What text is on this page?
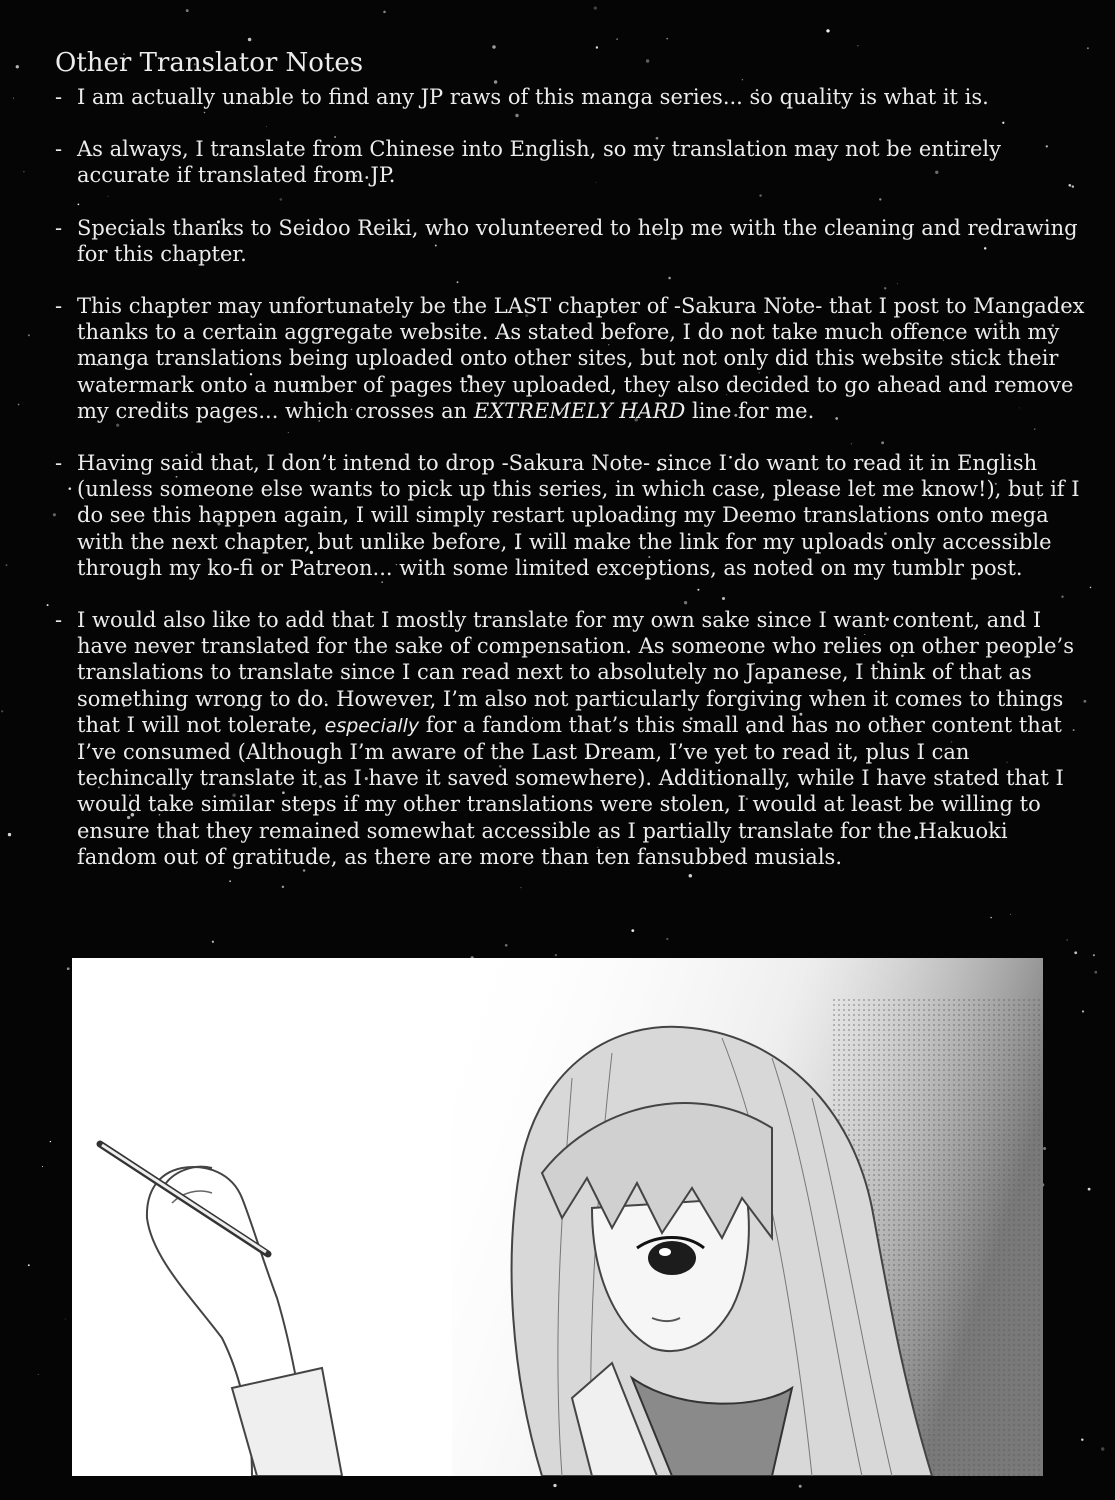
Other Translator Notes
- I am actually unable to find any JP raws of this manga series... so quality is what it is.
- As always, I translate from Chinese into English, so my translation may not be entirely accurate if translated from JP.
- Specials thanks to Seidoo Reiki, who volunteered to help me with the cleaning and redrawing for this chapter.
- This chapter may unfortunately be the LAST chapter of -Sakura Note- that I post to Mangadex thanks to a certain aggregate website. As stated before, I do not take much offence with my manga translations being uploaded onto other sites, but not only did this website stick their watermark onto a number of pages they uploaded, they also decided to go ahead and remove my credits pages... which crosses an EXTREMELY HARD line for me.
- Having said that, I don’t intend to drop -Sakura Note- since I do want to read it in English (unless someone else wants to pick up this series, in which case, please let me know!), but if I do see this happen again, I will simply restart uploading my Deemo translations onto mega with the next chapter, but unlike before, I will make the link for my uploads only accessible through my ko-fi or Patreon... with some limited exceptions, as noted on my tumblr post.
- I would also like to add that I mostly translate for my own sake since I want content, and I have never translated for the sake of compensation. As someone who relies on other people’s translations to translate since I can read next to absolutely no Japanese, I think of that as something wrong to do. However, I’m also not particularly forgiving when it comes to things that I will not tolerate, especially for a fandom that’s this small and has no other content that I’ve consumed (Although I’m aware of the Last Dream, I’ve yet to read it, plus I can techincally translate it as I have it saved somewhere). Additionally, while I have stated that I would take similar steps if my other translations were stolen, I would at least be willing to ensure that they remained somewhat accessible as I partially translate for the Hakuoki fandom out of gratitude, as there are more than ten fansubbed musials.
